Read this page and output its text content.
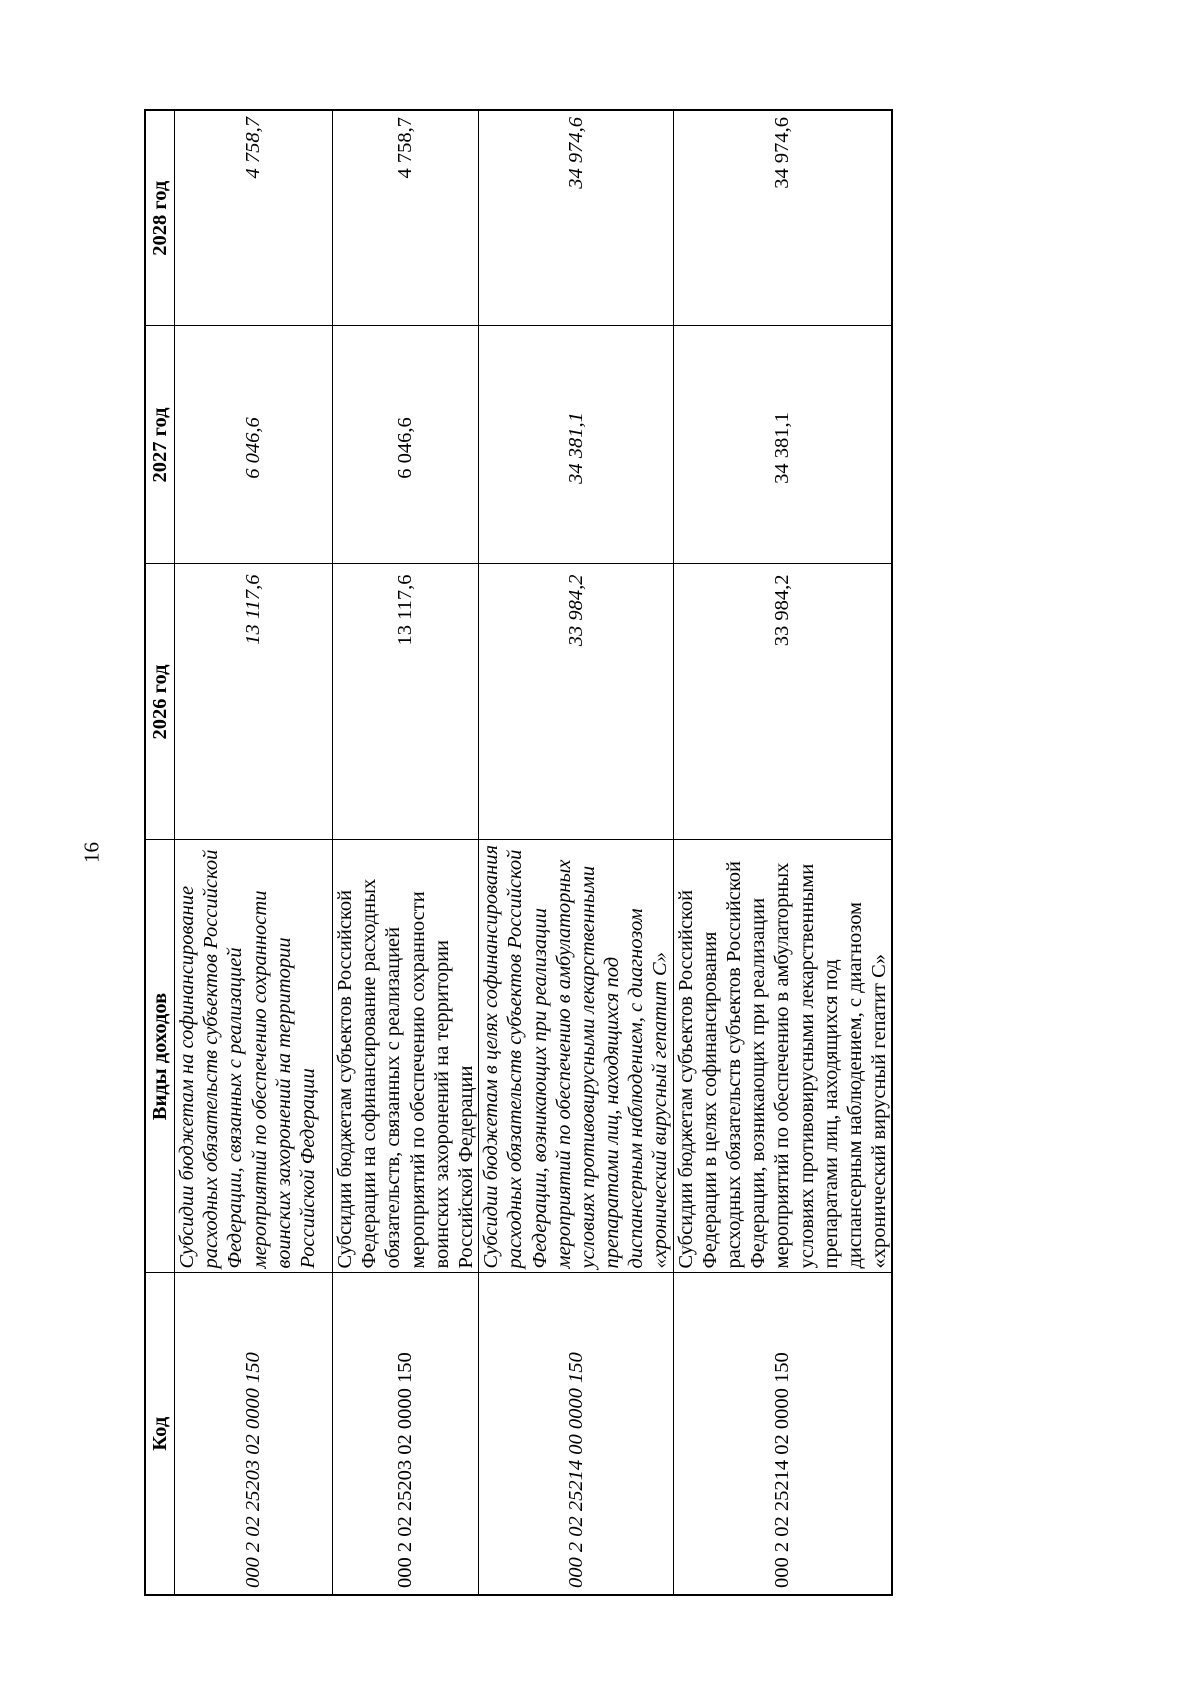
16
Код	Виды доходов	2026 год	2027 год	2028 год
000 2 02 25203 02 0000 150	Субсидии бюджетам на софинансирование расходных обязательств субъектов Российской Федерации, связанных с реализацией мероприятий по обеспечению сохранности воинских захоронений на территории Российской Федерации	13 117,6	6 046,6	4 758,7
000 2 02 25203 02 0000 150	Субсидии бюджетам субъектов Российской Федерации на софинансирование расходных обязательств, связанных с реализацией мероприятий по обеспечению сохранности воинских захоронений на территории Российской Федерации	13 117,6	6 046,6	4 758,7
000 2 02 25214 00 0000 150	Субсидии бюджетам в целях софинансирования расходных обязательств субъектов Российской Федерации, возникающих при реализации мероприятий по обеспечению в амбулаторных условиях противовирусными лекарственными препаратами лиц, находящихся под диспансерным наблюдением, с диагнозом «хронический вирусный гепатит С»	33 984,2	34 381,1	34 974,6
000 2 02 25214 02 0000 150	Субсидии бюджетам субъектов Российской Федерации в целях софинансирования расходных обязательств субъектов Российской Федерации, возникающих при реализации мероприятий по обеспечению в амбулаторных условиях противовирусными лекарственными препаратами лиц, находящихся под диспансерным наблюдением, с диагнозом «хронический вирусный гепатит С»	33 984,2	34 381,1	34 974,6
